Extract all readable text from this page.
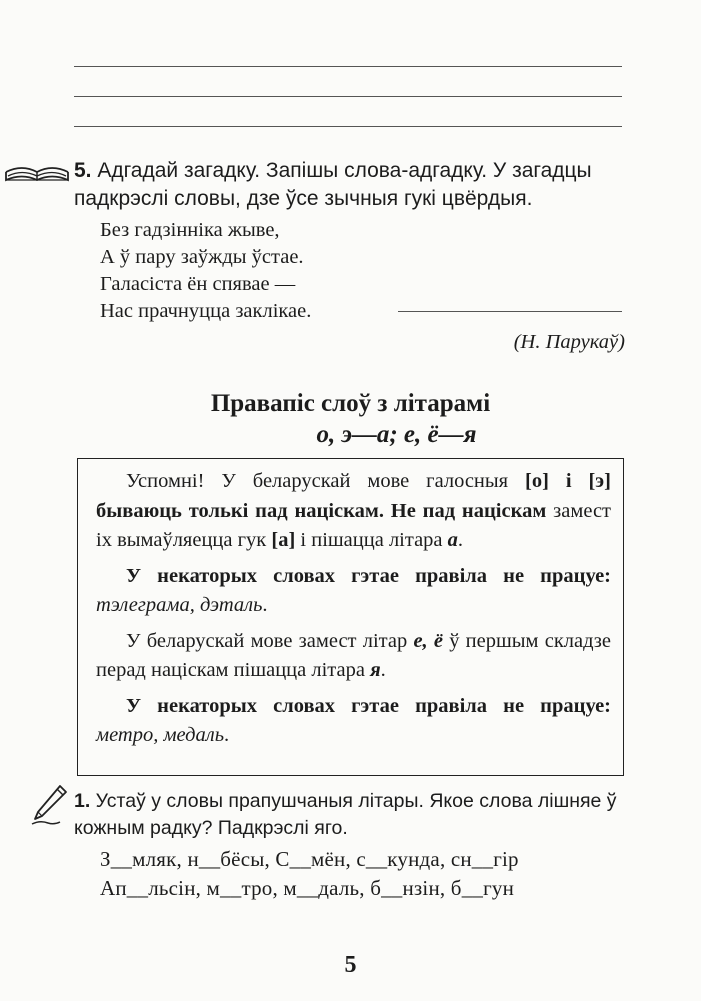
5. Адгадай загадку. Запішы слова-адгадку. У загадцы падкрэслі словы, дзе ўсе зычныя гукі цвёрдыя.
Без гадзінніка жыве,
А ў пару заўжды ўстае.
Галасіста ён спявае —
Нас прачнуцца заклікае.
(Н. Парукаў)
Правапіс слоў з літарамі
о, э—а; е, ё—я

Успомні! У беларускай мове галосныя [о] і [э] бываюць толькі пад націскам. Не пад націскам замест іх вымаўляецца гук [а] і пішацца літара а.

У некаторых словах гэтае правіла не працуе: тэлеграма, дэталь.

У беларускай мове замест літар е, ё ў першым складзе перад націскам пішацца літара я.

У некаторых словах гэтае правіла не працуе: метро, медаль.

1. Устаў у словы прапушчаныя літары. Якое слова лішняе ў кожным радку? Падкрэслі яго.
З__мляк, н__бёсы, С__мён, с__кунда, сн__гір
Ап__льсін, м__тро, м__даль, б__нзін, б__гун
5
